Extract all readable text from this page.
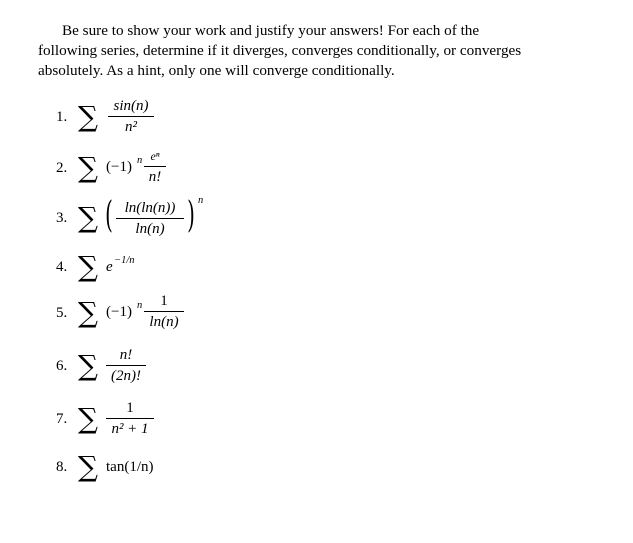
Be sure to show your work and justify your answers! For each of the
following series, determine if it diverges, converges conditionally, or converges
absolutely. As a hint, only one will converge conditionally.
1. ∑	sin(n)
n²
2. ∑ (−1) n eⁿ
n!
3. ∑ ( ln(ln(n))
ln(n) ) n
4. ∑ e −1/n
5. ∑ (−1) n	1
ln(n)
6. ∑	n!
(2n)!
7. ∑	1
n² + 1
8. ∑ tan(1/n)
